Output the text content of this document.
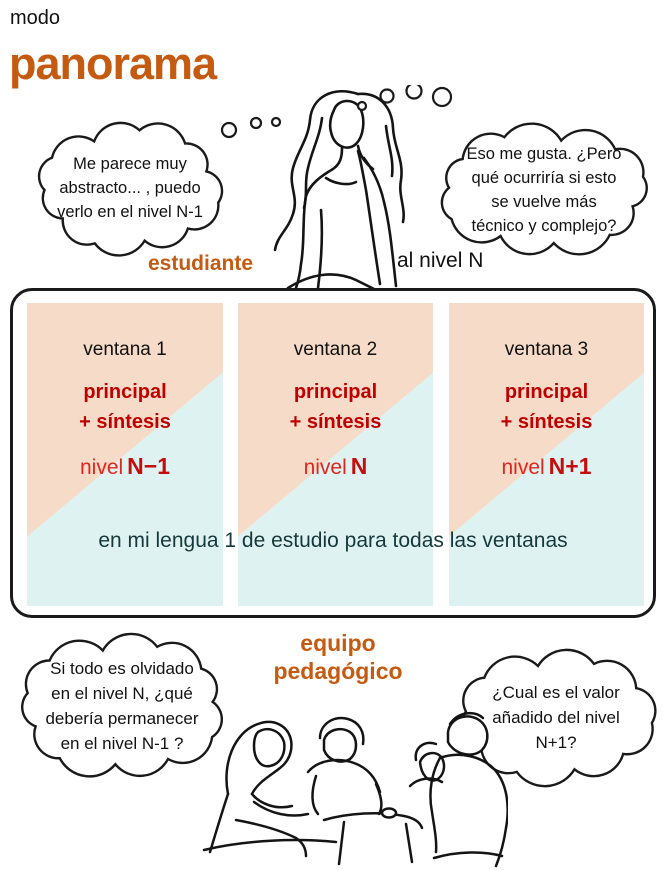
modo
panorama
Me parece muy
abstracto... , puedo
verlo en el nivel N-1
Eso me gusta. ¿Pero
qué ocurriría si esto
se vuelve más
técnico y complejo?
estudiante	al nivel N
ventana 1
principal
+ síntesis
nivel N−1
ventana 2
principal
+ síntesis
nivel N
ventana 3
principal
+ síntesis
nivel N+1
en mi lengua 1 de estudio para todas las ventanas
equipo
pedagógico
Si todo es olvidado
en el nivel N, ¿qué
debería permanecer
en el nivel N-1 ?
¿Cual es el valor
añadido del nivel
N+1?
